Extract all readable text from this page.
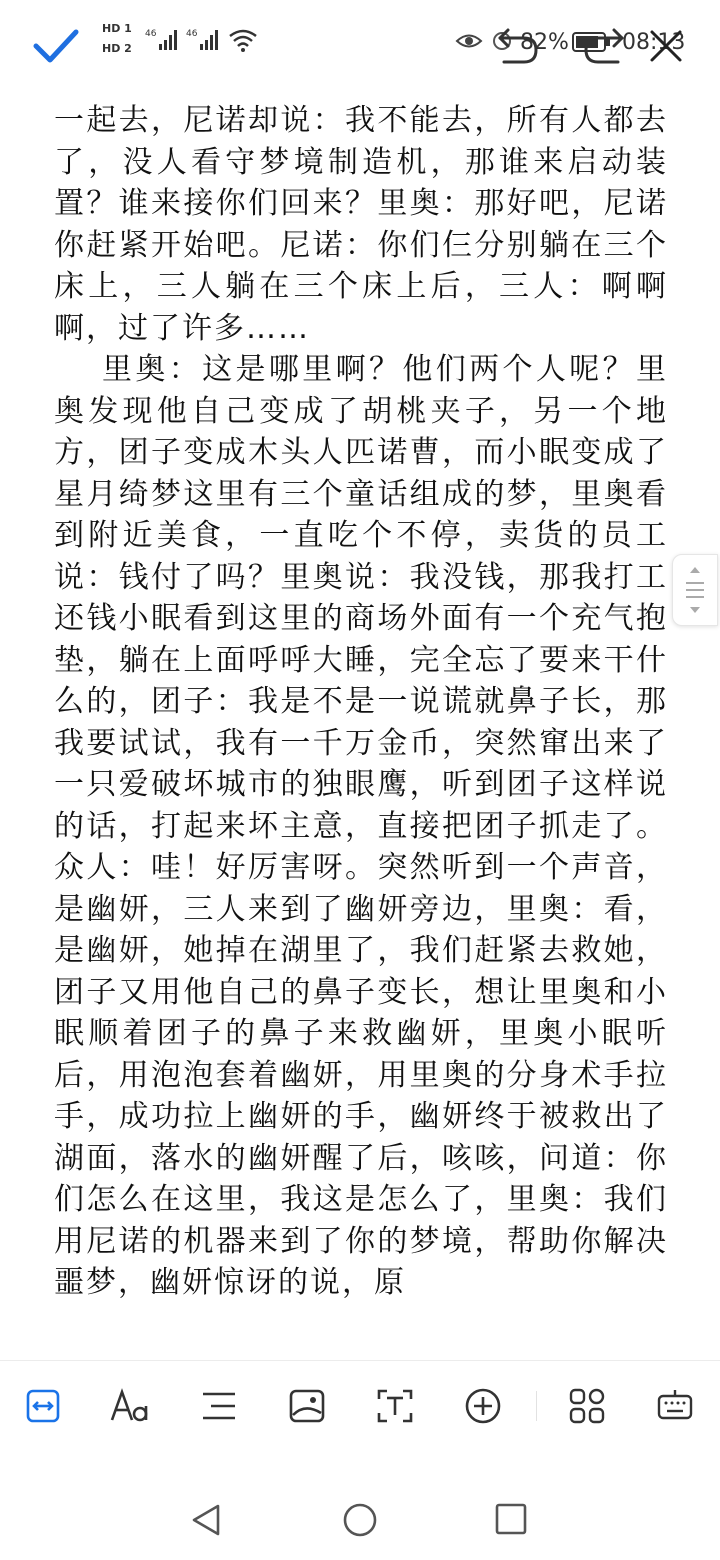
HD 1
HD 2
46	46	82% 08:13

一起去，尼诺却说：我不能去，所有人都去了，没人看守梦境制造机，那谁来启动装置？谁来接你们回来？里奥：那好吧，尼诺你赶紧开始吧。尼诺：你们仨分别躺在三个床上，三人躺在三个床上后，三人：啊啊啊，过了许多……

里奥：这是哪里啊？他们两个人呢？里奥发现他自己变成了胡桃夹子，另一个地方，团子变成木头人匹诺曹，而小眠变成了星月绮梦这里有三个童话组成的梦，里奥看到附近美食，一直吃个不停，卖货的员工说：钱付了吗？里奥说：我没钱，那我打工还钱小眠看到这里的商场外面有一个充气抱垫，躺在上面呼呼大睡，完全忘了要来干什么的，团子：我是不是一说谎就鼻子长，那我要试试，我有一千万金币，突然窜出来了一只爱破坏城市的独眼鹰，听到团子这样说的话，打起来坏主意，直接把团子抓走了。众人：哇！好厉害呀。突然听到一个声音，是幽妍，三人来到了幽妍旁边，里奥：看，是幽妍，她掉在湖里了，我们赶紧去救她，团子又用他自己的鼻子变长，想让里奥和小眠顺着团子的鼻子来救幽妍，里奥小眠听后，用泡泡套着幽妍，用里奥的分身术手拉手，成功拉上幽妍的手，幽妍终于被救出了湖面，落水的幽妍醒了后，咳咳，问道：你们怎么在这里，我这是怎么了，里奥：我们用尼诺的机器来到了你的梦境，帮助你解决噩梦，幽妍惊讶的说，原
